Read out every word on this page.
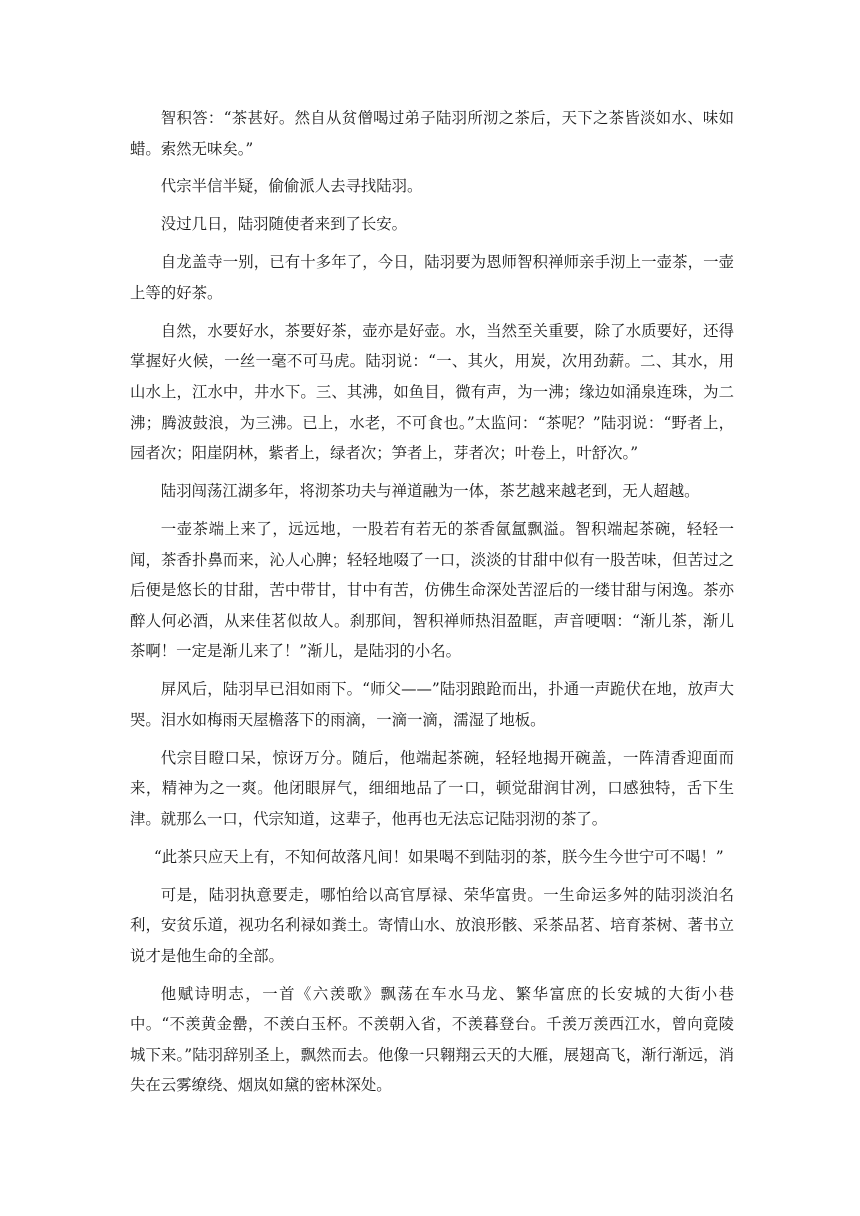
智积答：“茶甚好。然自从贫僧喝过弟子陆羽所沏之茶后，天下之茶皆淡如水、味如蜡。索然无味矣。”

代宗半信半疑，偷偷派人去寻找陆羽。

没过几日，陆羽随使者来到了长安。

自龙盖寺一别，已有十多年了，今日，陆羽要为恩师智积禅师亲手沏上一壶茶，一壶上等的好茶。

自然，水要好水，茶要好茶，壶亦是好壶。水，当然至关重要，除了水质要好，还得掌握好火候，一丝一毫不可马虎。陆羽说：“一、其火，用炭，次用劲薪。二、其水，用山水上，江水中，井水下。三、其沸，如鱼目，微有声，为一沸；缘边如涌泉连珠，为二沸；腾波鼓浪，为三沸。已上，水老，不可食也。”太监问：“茶呢？”陆羽说：“野者上，园者次；阳崖阴林，紫者上，绿者次；笋者上，芽者次；叶卷上，叶舒次。”

陆羽闯荡江湖多年，将沏茶功夫与禅道融为一体，茶艺越来越老到，无人超越。

一壶茶端上来了，远远地，一股若有若无的茶香氤氲飘溢。智积端起茶碗，轻轻一闻，茶香扑鼻而来，沁人心脾；轻轻地啜了一口，淡淡的甘甜中似有一股苦味，但苦过之后便是悠长的甘甜，苦中带甘，甘中有苦，仿佛生命深处苦涩后的一缕甘甜与闲逸。茶亦醉人何必酒，从来佳茗似故人。刹那间，智积禅师热泪盈眶，声音哽咽：“渐儿茶，渐儿茶啊！一定是渐儿来了！”渐儿，是陆羽的小名。

屏风后，陆羽早已泪如雨下。“师父——”陆羽踉跄而出，扑通一声跪伏在地，放声大哭。泪水如梅雨天屋檐落下的雨滴，一滴一滴，濡湿了地板。

代宗目瞪口呆，惊讶万分。随后，他端起茶碗，轻轻地揭开碗盖，一阵清香迎面而来，精神为之一爽。他闭眼屏气，细细地品了一口，顿觉甜润甘冽，口感独特，舌下生津。就那么一口，代宗知道，这辈子，他再也无法忘记陆羽沏的茶了。

“此茶只应天上有，不知何故落凡间！如果喝不到陆羽的茶，朕今生今世宁可不喝！”

可是，陆羽执意要走，哪怕给以高官厚禄、荣华富贵。一生命运多舛的陆羽淡泊名利，安贫乐道，视功名利禄如粪土。寄情山水、放浪形骸、采茶品茗、培育茶树、著书立说才是他生命的全部。

他赋诗明志，一首《六羡歌》飘荡在车水马龙、繁华富庶的长安城的大街小巷中。“不羡黄金罍，不羡白玉杯。不羡朝入省，不羡暮登台。千羡万羡西江水，曾向竟陵城下来。”陆羽辞别圣上，飘然而去。他像一只翱翔云天的大雁，展翅高飞，渐行渐远，消失在云雾缭绕、烟岚如黛的密林深处。
